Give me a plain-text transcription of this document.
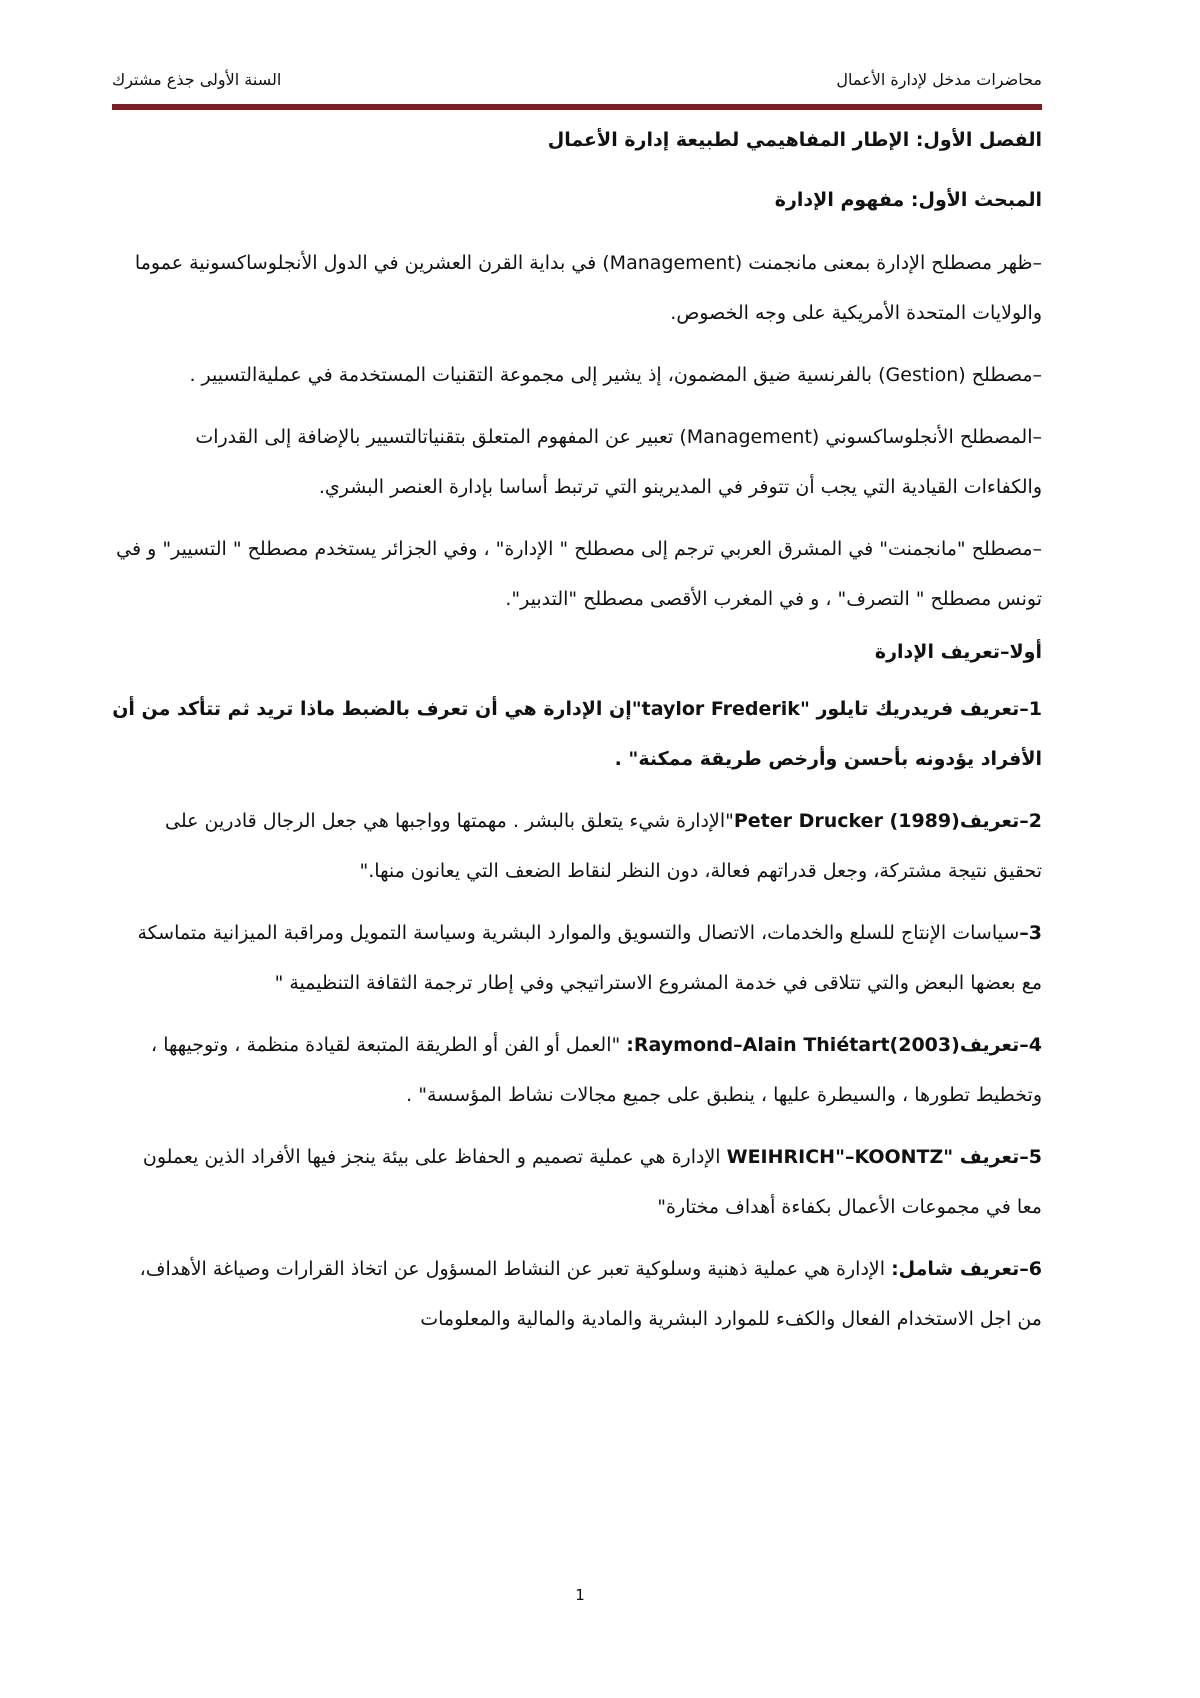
محاضرات مدخل لإدارة الأعمال
السنة الأولى جذع مشترك

الفصل الأول: الإطار المفاهيمي لطبيعة إدارة الأعمال

المبحث الأول: مفهوم الإدارة

–ظهر مصطلح الإدارة بمعنى مانجمنت (Management) في بداية القرن العشرين في الدول الأنجلوساكسونية عموما والولايات المتحدة الأمريكية على وجه الخصوص.

–مصطلح (Gestion) بالفرنسية ضيق المضمون، إذ يشير إلى مجموعة التقنيات المستخدمة في عمليةالتسيير .

–المصطلح الأنجلوساكسوني (Management) تعبير عن المفهوم المتعلق بتقنياتالتسيير بالإضافة إلى القدرات والكفاءات القيادية التي يجب أن تتوفر في المديرينو التي ترتبط أساسا بإدارة العنصر البشري.

–مصطلح "مانجمنت" في المشرق العربي ترجم إلى مصطلح " الإدارة" ، وفي الجزائر يستخدم مصطلح " التسيير" و في تونس مصطلح " التصرف" ، و في المغرب الأقصى مصطلح "التدبير".

أولا–تعريف الإدارة

1–تعريف فريدريك تايلور "taylor Frederik"إن الإدارة هي أن تعرف بالضبط ماذا تريد ثم تتأكد من أن الأفراد يؤدونه بأحسن وأرخص طريقة ممكنة" .

2–تعريفPeter Drucker (1989)"الإدارة شيء يتعلق بالبشر . مهمتها وواجبها هي جعل الرجال قادرين على تحقيق نتيجة مشتركة، وجعل قدراتهم فعالة، دون النظر لنقاط الضعف التي يعانون منها."

3–سياسات الإنتاج للسلع والخدمات، الاتصال والتسويق والموارد البشرية وسياسة التمويل ومراقبة الميزانية متماسكة مع بعضها البعض والتي تتلاقى في خدمة المشروع الاستراتيجي وفي إطار ترجمة الثقافة التنظيمية "

4–تعريفRaymond–Alain Thiétart(2003): "العمل أو الفن أو الطريقة المتبعة لقيادة منظمة ، وتوجيهها ، وتخطيط تطورها ، والسيطرة عليها ، ينطبق على جميع مجالات نشاط المؤسسة" .

5–تعريف "WEIHRICH"–KOONTZ الإدارة هي عملية تصميم و الحفاظ على بيئة ينجز فيها الأفراد الذين يعملون معا في مجموعات الأعمال بكفاءة أهداف مختارة"

6–تعريف شامل: الإدارة هي عملية ذهنية وسلوكية تعبر عن النشاط المسؤول عن اتخاذ القرارات وصياغة الأهداف، من اجل الاستخدام الفعال والكفء للموارد البشرية والمادية والمالية والمعلومات

1
